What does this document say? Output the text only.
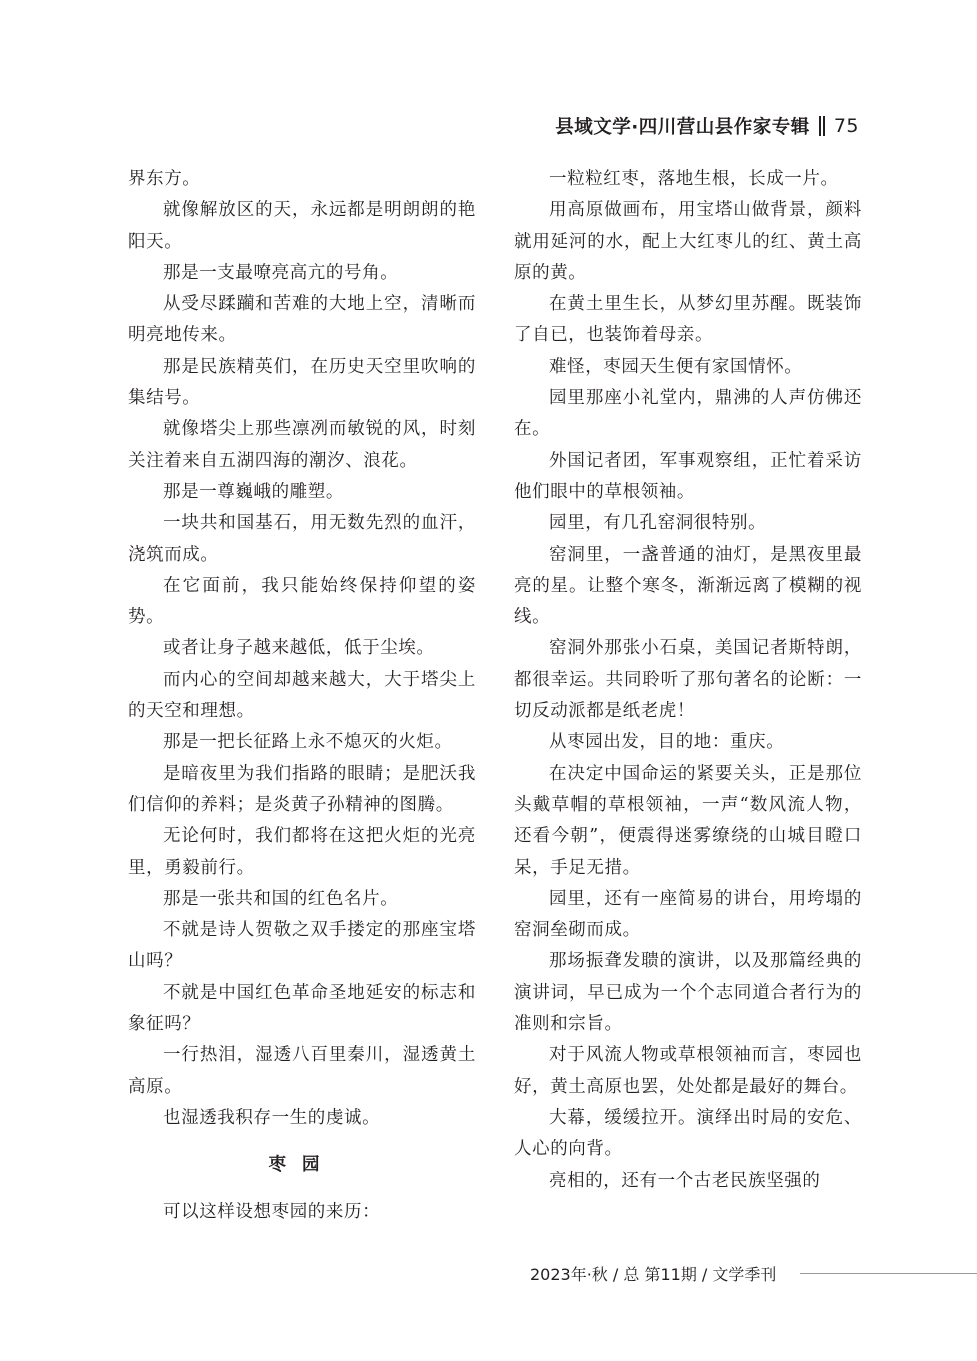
县域文学·四川营山县作家专辑 75

界东方。

就像解放区的天，永远都是明朗朗的艳阳天。

那是一支最嘹亮高亢的号角。

从受尽蹂躏和苦难的大地上空，清晰而明亮地传来。

那是民族精英们，在历史天空里吹响的集结号。

就像塔尖上那些凛冽而敏锐的风，时刻关注着来自五湖四海的潮汐、浪花。

那是一尊巍峨的雕塑。

一块共和国基石，用无数先烈的血汗，浇筑而成。

在它面前，我只能始终保持仰望的姿势。

或者让身子越来越低，低于尘埃。

而内心的空间却越来越大，大于塔尖上的天空和理想。

那是一把长征路上永不熄灭的火炬。

是暗夜里为我们指路的眼睛；是肥沃我们信仰的养料；是炎黄子孙精神的图腾。

无论何时，我们都将在这把火炬的光亮里，勇毅前行。

那是一张共和国的红色名片。

不就是诗人贺敬之双手搂定的那座宝塔山吗？

不就是中国红色革命圣地延安的标志和象征吗？

一行热泪，湿透八百里秦川，湿透黄土高原。

也湿透我积存一生的虔诚。

枣园

可以这样设想枣园的来历：

一粒粒红枣，落地生根，长成一片。

用高原做画布，用宝塔山做背景，颜料就用延河的水，配上大红枣儿的红、黄土高原的黄。

在黄土里生长，从梦幻里苏醒。既装饰了自已，也装饰着母亲。

难怪，枣园天生便有家国情怀。

园里那座小礼堂内，鼎沸的人声仿佛还在。

外国记者团，军事观察组，正忙着采访他们眼中的草根领袖。

园里，有几孔窑洞很特别。

窑洞里，一盏普通的油灯，是黑夜里最亮的星。让整个寒冬，渐渐远离了模糊的视线。

窑洞外那张小石桌，美国记者斯特朗，都很幸运。共同聆听了那句著名的论断：一切反动派都是纸老虎！

从枣园出发，目的地：重庆。

在决定中国命运的紧要关头，正是那位头戴草帽的草根领袖，一声“数风流人物，还看今朝”，便震得迷雾缭绕的山城目瞪口呆，手足无措。

园里，还有一座简易的讲台，用垮塌的窑洞垒砌而成。

那场振聋发聩的演讲，以及那篇经典的演讲词，早已成为一个个志同道合者行为的准则和宗旨。

对于风流人物或草根领袖而言，枣园也好，黄土高原也罢，处处都是最好的舞台。

大幕，缓缓拉开。演绎出时局的安危、人心的向背。

亮相的，还有一个古老民族坚强的

2023年·秋 / 总 第11期 / 文学季刊
